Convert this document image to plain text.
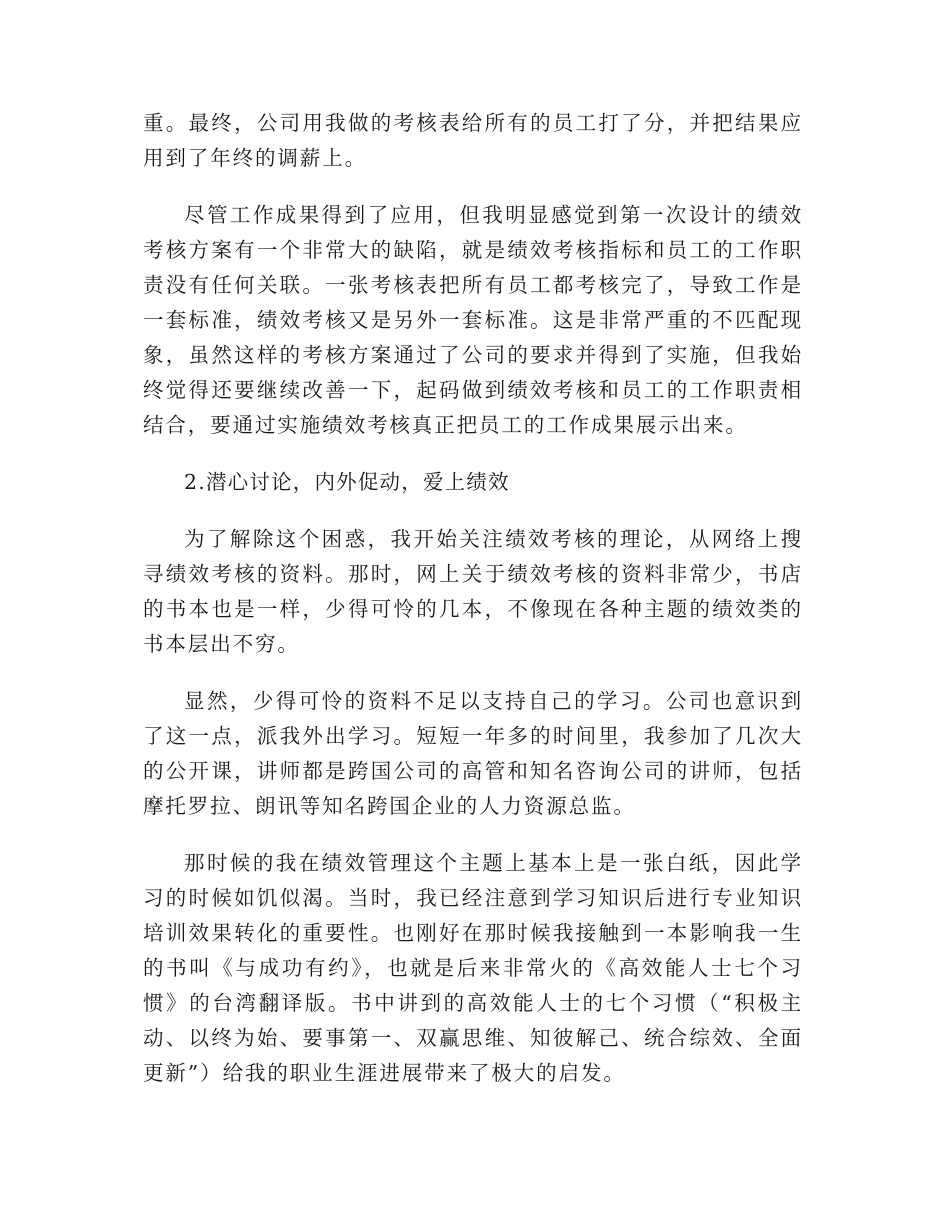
重。最终，公司用我做的考核表给所有的员工打了分，并把结果应用到了年终的调薪上。

尽管工作成果得到了应用，但我明显感觉到第一次设计的绩效考核方案有一个非常大的缺陷，就是绩效考核指标和员工的工作职责没有任何关联。一张考核表把所有员工都考核完了，导致工作是一套标准，绩效考核又是另外一套标准。这是非常严重的不匹配现象，虽然这样的考核方案通过了公司的要求并得到了实施，但我始终觉得还要继续改善一下，起码做到绩效考核和员工的工作职责相结合，要通过实施绩效考核真正把员工的工作成果展示出来。

2.潜心讨论，内外促动，爱上绩效

为了解除这个困惑，我开始关注绩效考核的理论，从网络上搜寻绩效考核的资料。那时，网上关于绩效考核的资料非常少，书店的书本也是一样，少得可怜的几本，不像现在各种主题的绩效类的书本层出不穷。

显然，少得可怜的资料不足以支持自己的学习。公司也意识到了这一点，派我外出学习。短短一年多的时间里，我参加了几次大的公开课，讲师都是跨国公司的高管和知名咨询公司的讲师，包括摩托罗拉、朗讯等知名跨国企业的人力资源总监。

那时候的我在绩效管理这个主题上基本上是一张白纸，因此学习的时候如饥似渴。当时，我已经注意到学习知识后进行专业知识培训效果转化的重要性。也刚好在那时候我接触到一本影响我一生的书叫《与成功有约》，也就是后来非常火的《高效能人士七个习惯》的台湾翻译版。书中讲到的高效能人士的七个习惯（“积极主动、以终为始、要事第一、双赢思维、知彼解己、统合综效、全面更新”）给我的职业生涯进展带来了极大的启发。
